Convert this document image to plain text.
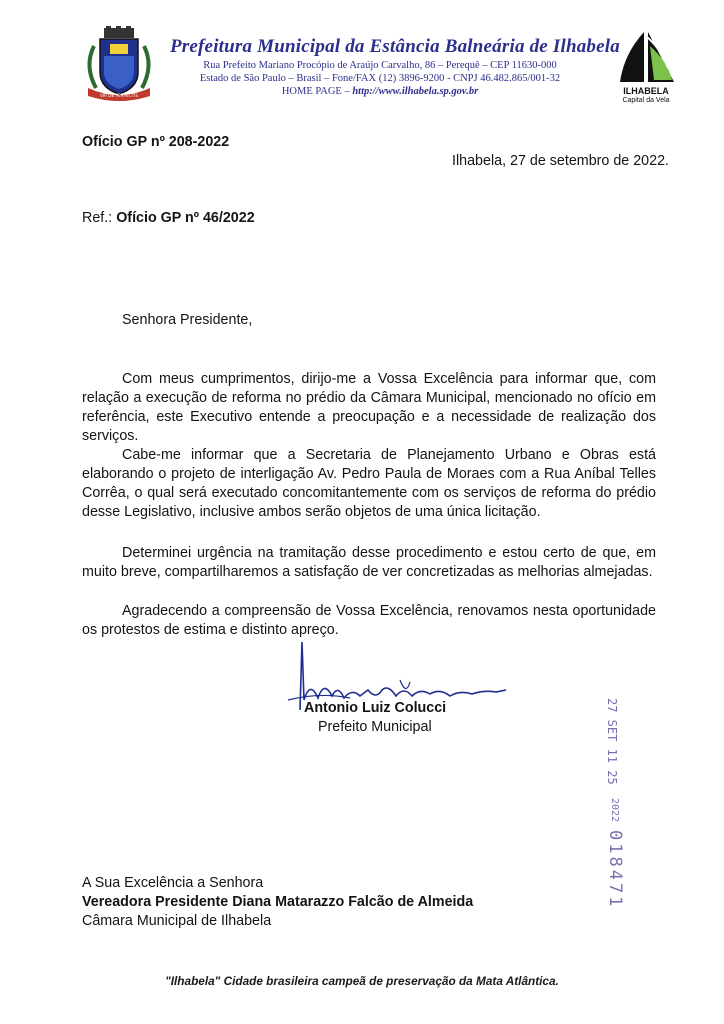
VIR DE PERFECTIS
Prefeitura Municipal da Estância Balneária de Ilhabela
Rua Prefeito Mariano Procópio de Araújo Carvalho, 86 – Perequê – CEP 11630-000
Estado de São Paulo – Brasil – Fone/FAX (12) 3896-9200 - CNPJ 46.482.865/001-32
HOME PAGE – http://www.ilhabela.sp.gov.br	ILHABELA
Capital da Vela
Ofício GP nº 208-2022
Ilhabela, 27 de setembro de 2022.
Ref.: Ofício GP nº 46/2022
Senhora Presidente,
Com meus cumprimentos, dirijo-me a Vossa Excelência para informar que, com relação a execução de reforma no prédio da Câmara Municipal, mencionado no ofício em referência, este Executivo entende a preocupação e a necessidade de realização dos serviços.
Cabe-me informar que a Secretaria de Planejamento Urbano e Obras está elaborando o projeto de interligação Av. Pedro Paula de Moraes com a Rua Aníbal Telles Corrêa, o qual será executado concomitantemente com os serviços de reforma do prédio desse Legislativo, inclusive ambos serão objetos de uma única licitação.
Determinei urgência na tramitação desse procedimento e estou certo de que, em muito breve, compartilharemos a satisfação de ver concretizadas as melhorias almejadas.
Agradecendo a compreensão de Vossa Excelência, renovamos nesta oportunidade os protestos de estima e distinto apreço.
Antonio Luiz Colucci
Prefeito Municipal	27 SET 11 25
2022
018471
A Sua Excelência a Senhora
Vereadora Presidente Diana Matarazzo Falcão de Almeida
Câmara Municipal de Ilhabela
"Ilhabela" Cidade brasileira campeã de preservação da Mata Atlântica.
